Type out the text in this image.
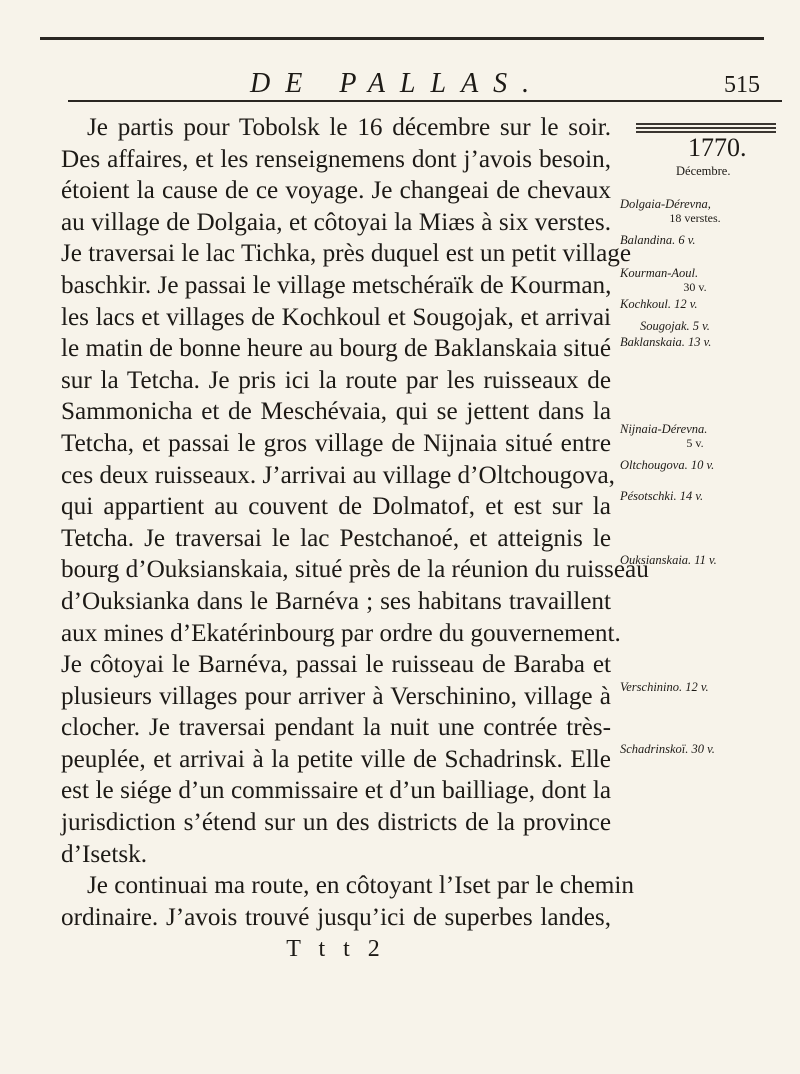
DE PALLAS.	515
Je partis pour Tobolsk le 16 décembre sur le soir.
Des affaires, et les renseignemens dont j’avois besoin,
étoient la cause de ce voyage. Je changeai de chevaux
au village de Dolgaia, et côtoyai la Miæs à six verstes.
Je traversai le lac Tichka, près duquel est un petit village
baschkir. Je passai le village metschéraïk de Kourman,
les lacs et villages de Kochkoul et Sougojak, et arrivai
le matin de bonne heure au bourg de Baklanskaia situé
sur la Tetcha. Je pris ici la route par les ruisseaux de
Sammonicha et de Meschévaia, qui se jettent dans la
Tetcha, et passai le gros village de Nijnaia situé entre
ces deux ruisseaux. J’arrivai au village d’Oltchougova,
qui appartient au couvent de Dolmatof, et est sur la
Tetcha. Je traversai le lac Pestchanoé, et atteignis le
bourg d’Ouksianskaia, situé près de la réunion du ruisseau
d’Ouksianka dans le Barnéva ; ses habitans travaillent
aux mines d’Ekatérinbourg par ordre du gouvernement.
Je côtoyai le Barnéva, passai le ruisseau de Baraba et
plusieurs villages pour arriver à Verschinino, village à
clocher. Je traversai pendant la nuit une contrée très-
peuplée, et arrivai à la petite ville de Schadrinsk. Elle
est le siége d’un commissaire et d’un bailliage, dont la
jurisdiction s’étend sur un des districts de la province
d’Isetsk.
Je continuai ma route, en côtoyant l’Iset par le chemin
ordinaire. J’avois trouvé jusqu’ici de superbes landes,
T t t 2
1770.
Décembre.
Dolgaia-Dérevna,
18 verstes.
Balandina. 6 v.
Kourman-Aoul.
30 v.
Kochkoul. 12 v.
Sougojak. 5 v.
Baklanskaia. 13 v.
Nijnaia-Dérevna.
5 v.
Oltchougova. 10 v.
Pésotschki. 14 v.
Ouksianskaia. 11 v.
Verschinino. 12 v.
Schadrinskoï. 30 v.
